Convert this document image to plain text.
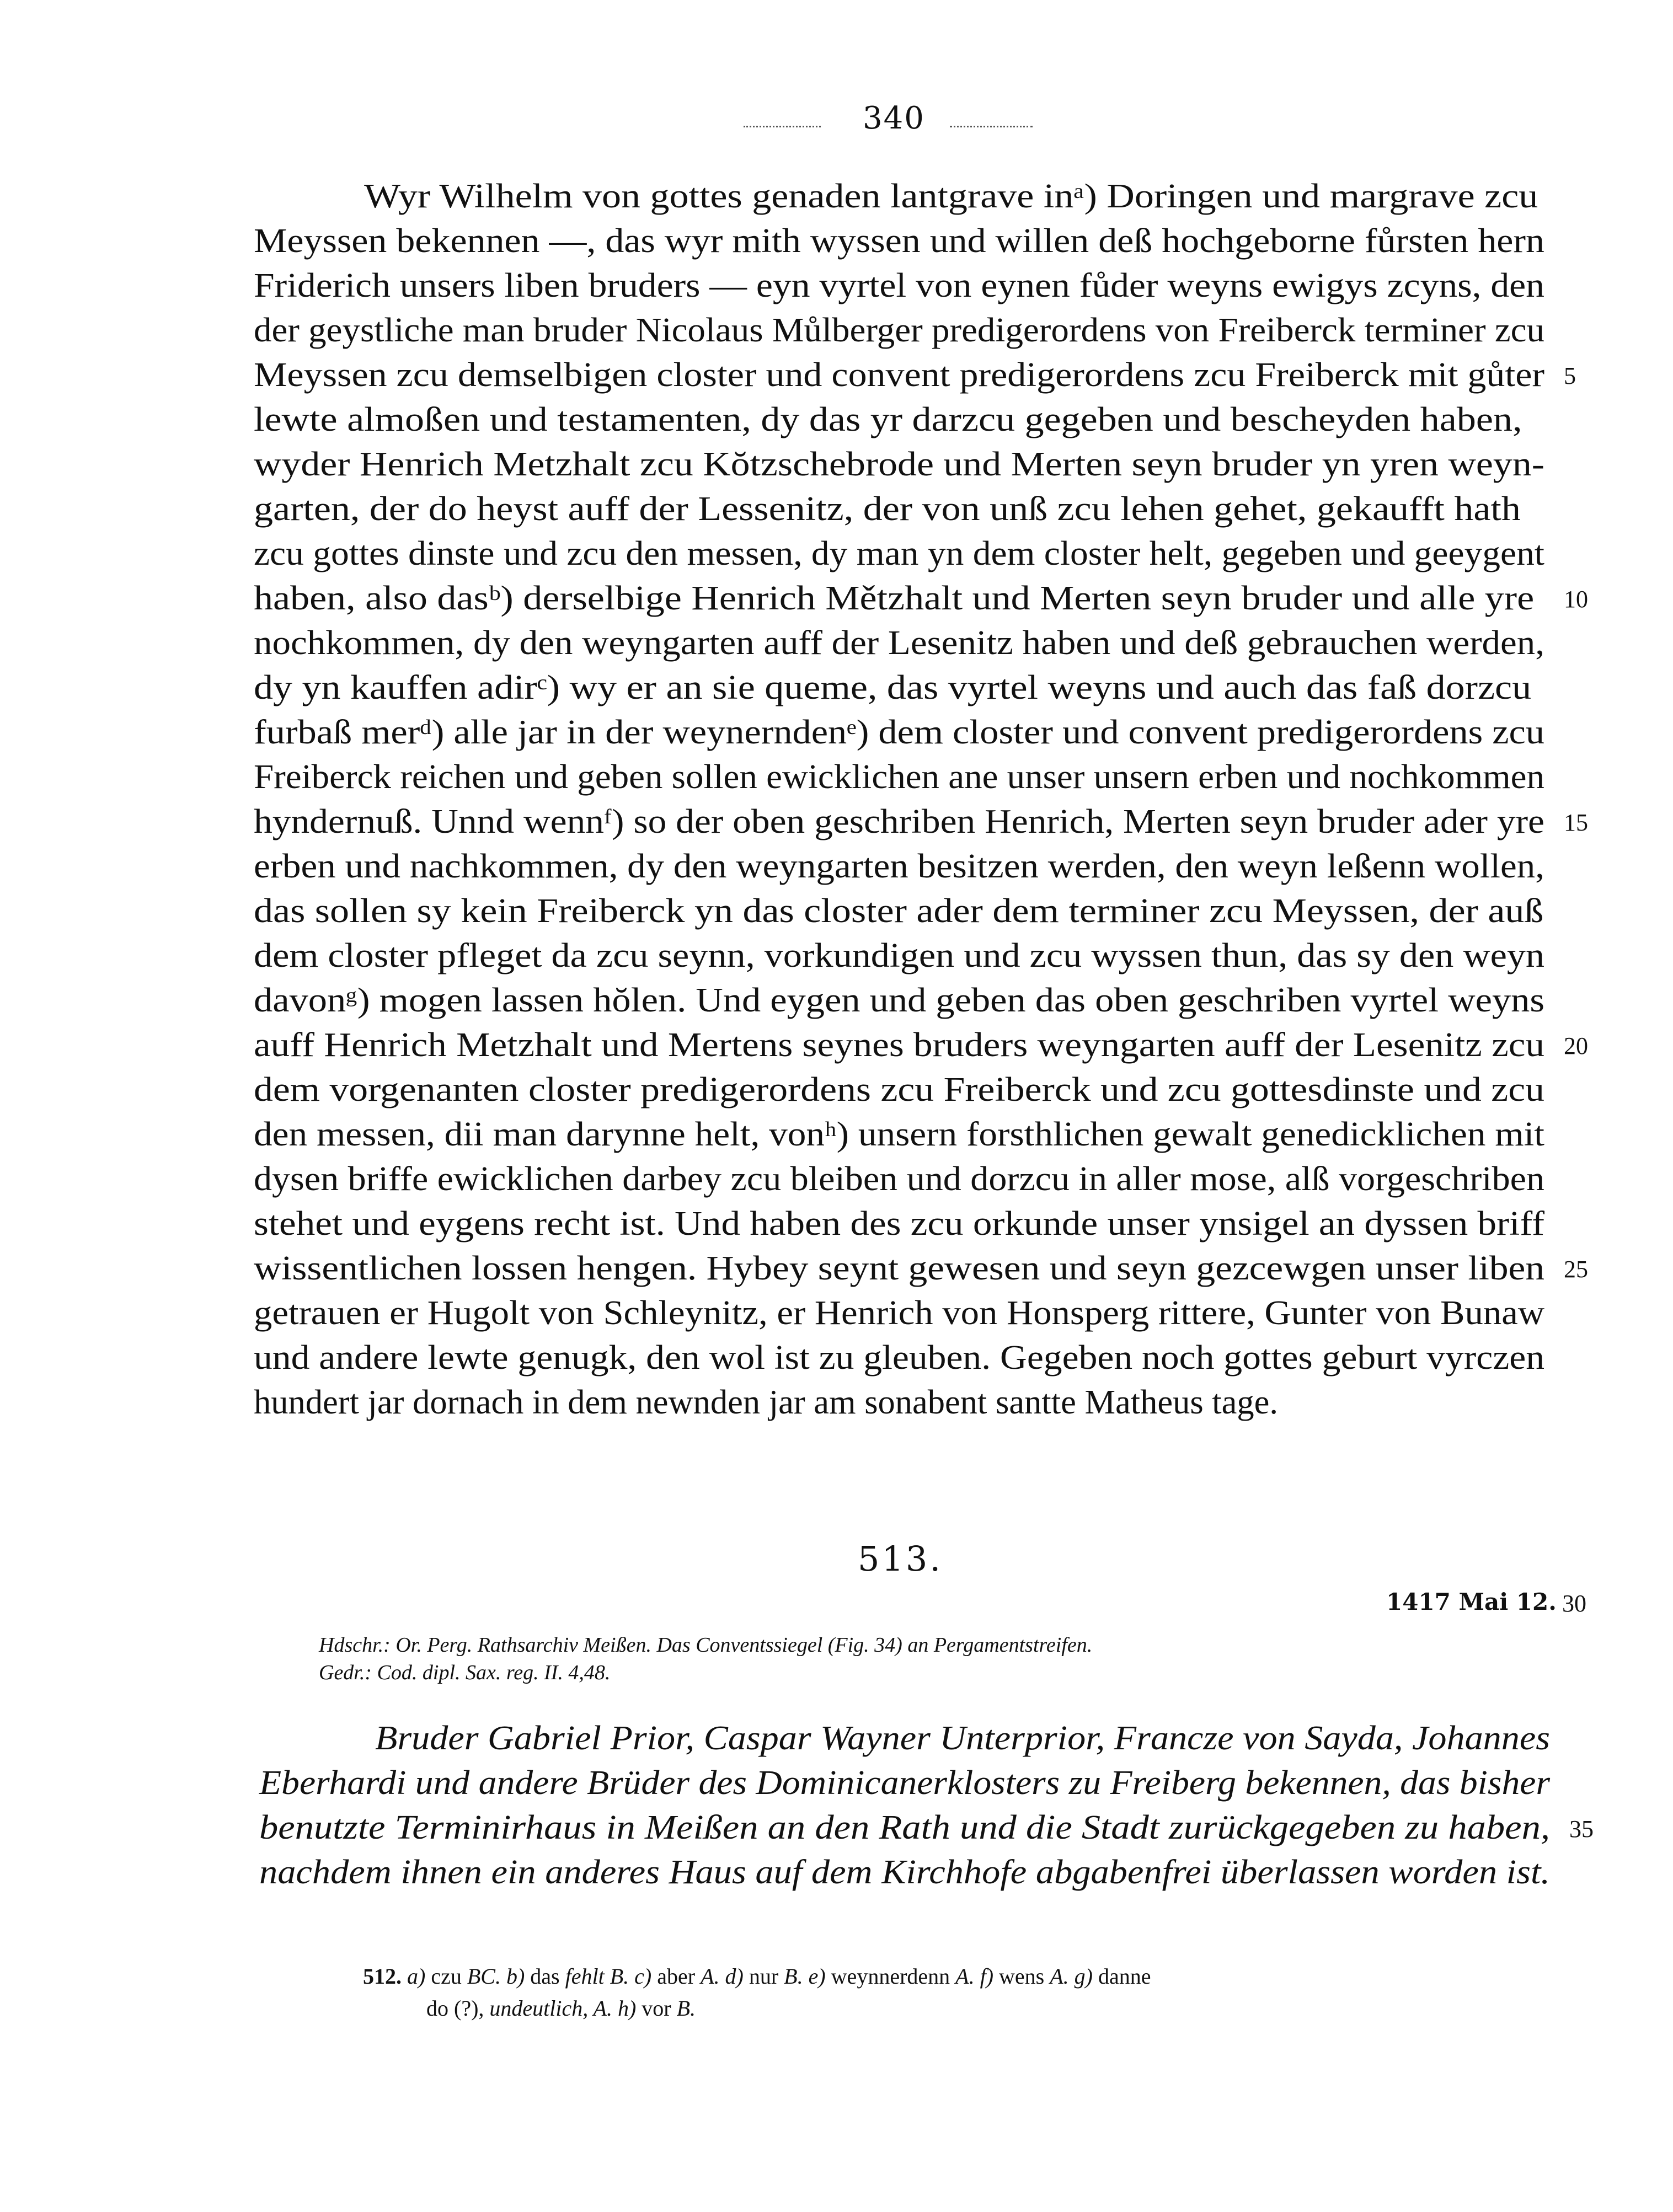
340
Wyr Wilhelm von gottes genaden lantgrave inᵃ) Doringen und margrave zcu
Meyssen bekennen —, das wyr mith wyssen und willen deß hochgeborne fůrsten hern
Friderich unsers liben bruders — eyn vyrtel von eynen fůder weyns ewigys zcyns, den
der geystliche man bruder Nicolaus Můlberger predigerordens von Freiberck terminer zcu
Meyssen zcu demselbigen closter und convent predigerordens zcu Freiberck mit gůter 5
lewte almoßen und testamenten, dy das yr darzcu gegeben und bescheyden haben,
wyder Henrich Metzhalt zcu Kŏtzschebrode und Merten seyn bruder yn yren weyn-
garten, der do heyst auff der Lessenitz, der von unß zcu lehen gehet, gekaufft hath
zcu gottes dinste und zcu den messen, dy man yn dem closter helt, gegeben und geeygent
haben, also dasᵇ) derselbige Henrich Mětzhalt und Merten seyn bruder und alle yre 10
nochkommen, dy den weyngarten auff der Lesenitz haben und deß gebrauchen werden,
dy yn kauffen adirᶜ) wy er an sie queme, das vyrtel weyns und auch das faß dorzcu
furbaß merᵈ) alle jar in der weynerndenᵉ) dem closter und convent predigerordens zcu
Freiberck reichen und geben sollen ewicklichen ane unser unsern erben und nochkommen
hyndernuß. Unnd wennᶠ) so der oben geschriben Henrich, Merten seyn bruder ader yre 15
erben und nachkommen, dy den weyngarten besitzen werden, den weyn leßenn wollen,
das sollen sy kein Freiberck yn das closter ader dem terminer zcu Meyssen, der auß
dem closter pfleget da zcu seynn, vorkundigen und zcu wyssen thun, das sy den weyn
davonᵍ) mogen lassen hŏlen. Und eygen und geben das oben geschriben vyrtel weyns
auff Henrich Metzhalt und Mertens seynes bruders weyngarten auff der Lesenitz zcu 20
dem vorgenanten closter predigerordens zcu Freiberck und zcu gottesdinste und zcu
den messen, dii man darynne helt, vonʰ) unsern forsthlichen gewalt genedicklichen mit
dysen briffe ewicklichen darbey zcu bleiben und dorzcu in aller mose, alß vorgeschriben
stehet und eygens recht ist. Und haben des zcu orkunde unser ynsigel an dyssen briff
wissentlichen lossen hengen. Hybey seynt gewesen und seyn gezcewgen unser liben 25
getrauen er Hugolt von Schleynitz, er Henrich von Honsperg rittere, Gunter von Bunaw
und andere lewte genugk, den wol ist zu gleuben. Gegeben noch gottes geburt vyrczen
hundert jar dornach in dem newnden jar am sonabent santte Matheus tage.
513.
1417 Mai 12. 30
Hdschr.: Or. Perg. Rathsarchiv Meißen. Das Conventssiegel (Fig. 34) an Pergamentstreifen.
Gedr.: Cod. dipl. Sax. reg. II. 4,48.
Bruder Gabriel Prior, Caspar Wayner Unterprior, Francze von Sayda, Johannes
Eberhardi und andere Brüder des Dominicanerklosters zu Freiberg bekennen, das bisher
benutzte Terminirhaus in Meißen an den Rath und die Stadt zurückgegeben zu haben, 35
nachdem ihnen ein anderes Haus auf dem Kirchhofe abgabenfrei überlassen worden ist.
512. a) czu BC. b) das fehlt B. c) aber A. d) nur B. e) weynnerdenn A. f) wens A. g) danne
do (?), undeutlich, A. h) vor B.
